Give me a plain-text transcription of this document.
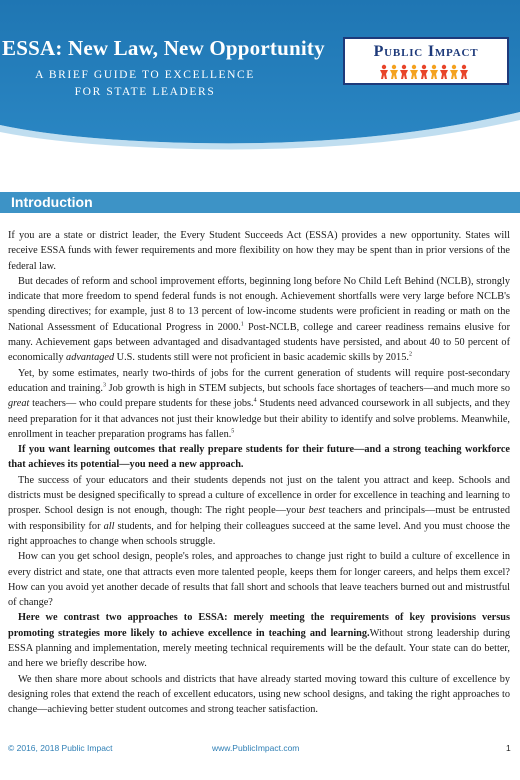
ESSA: New Law, New Opportunity
A BRIEF GUIDE TO EXCELLENCE
FOR STATE LEADERS
Public Impact
Introduction

If you are a state or district leader, the Every Student Succeeds Act (ESSA) provides a new opportunity. States will receive ESSA funds with fewer requirements and more flexibility on how they may be spent than in prior versions of the federal law.

But decades of reform and school improvement efforts, beginning long before No Child Left Behind (NCLB), strongly indicate that more freedom to spend federal funds is not enough. Achievement shortfalls were very large before NCLB's spending directives; for example, just 8 to 13 percent of low-income students were proficient in reading or math on the National Assessment of Educational Progress in 2000.$^1$ Post-NCLB, college and career readiness remains elusive for many. Achievement gaps between advantaged and disadvantaged students have persisted, and about 40 to 50 percent of economically advantaged U.S. students still were not proficient in basic academic skills by 2015.$^2$

Yet, by some estimates, nearly two-thirds of jobs for the current generation of students will require post-secondary education and training.$^3$ Job growth is high in STEM subjects, but schools face shortages of teachers—and much more so great teachers— who could prepare students for these jobs.$^4$ Students need advanced coursework in all subjects, and they need preparation for it that advances not just their knowledge but their ability to identify and solve problems. Meanwhile, enrollment in teacher preparation programs has fallen.$^5$

If you want learning outcomes that really prepare students for their future—and a strong teaching workforce that achieves its potential—you need a new approach.

The success of your educators and their students depends not just on the talent you attract and keep. Schools and districts must be designed specifically to spread a culture of excellence in order for excellence in teaching and learning to prosper. School design is not enough, though: The right people—your best teachers and principals—must be entrusted with responsibility for all students, and for helping their colleagues succeed at the same level. And you must choose the right approaches to change when schools struggle.

How can you get school design, people's roles, and approaches to change just right to build a culture of excellence in every district and state, one that attracts even more talented people, keeps them for longer careers, and helps them excel? How can you avoid yet another decade of results that fall short and schools that leave teachers burned out and mistrustful of change?

Here we contrast two approaches to ESSA: merely meeting the requirements of key provisions versus promoting strategies more likely to achieve excellence in teaching and learning.Without strong leadership during ESSA planning and implementation, merely meeting technical requirements will be the default. Your state can do better, and here we briefly describe how.

We then share more about schools and districts that have already started moving toward this culture of excellence by designing roles that extend the reach of excellent educators, using new school designs, and taking the right approaches to change—achieving better student outcomes and strong teacher satisfaction.

© 2016, 2018 Public Impact	www.PublicImpact.com	1
